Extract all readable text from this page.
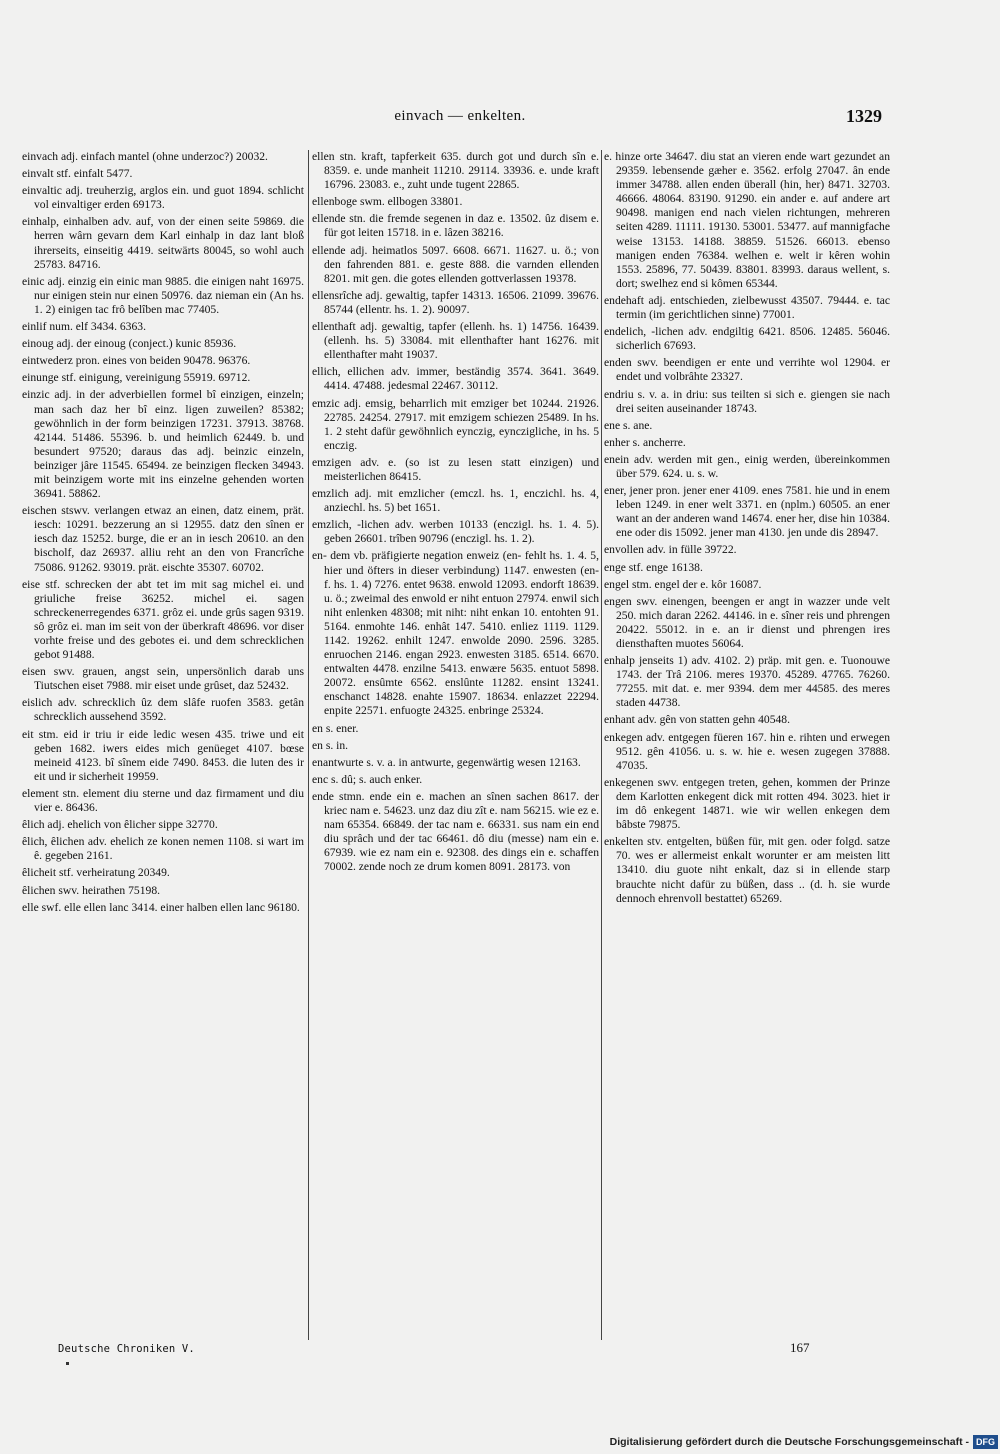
einvach — enkelten.	1329

einvach adj. einfach mantel (ohne underzoc?) 20032.

einvalt stf. einfalt 5477.

einvaltic adj. treuherzig, arglos ein. und guot 1894. schlicht vol einvaltiger erden 69173.

einhalp, einhalben adv. auf, von der einen seite 59869. die herren wârn gevarn dem Karl einhalp in daz lant bloß ihrerseits, einseitig 4419. seitwärts 80045, so wohl auch 25783. 84716.

einic adj. einzig ein einic man 9885. die einigen naht 16975. nur einigen stein nur einen 50976. daz nieman ein (An hs. 1. 2) einigen tac frô belîben mac 77405.

einlif num. elf 3434. 6363.

einoug adj. der einoug (conject.) kunic 85936.

eintwederz pron. eines von beiden 90478. 96376.

einunge stf. einigung, vereinigung 55919. 69712.

einzic adj. in der adverbiellen formel bî einzigen, einzeln; man sach daz her bî einz. ligen zuweilen? 85382; gewöhnlich in der form beinzigen 17231. 37913. 38768. 42144. 51486. 55396. b. und heimlich 62449. b. und besundert 97520; daraus das adj. beinzic einzeln, beinziger jâre 11545. 65494. ze beinzigen flecken 34943. mit beinzigem worte mit ins einzelne gehenden worten 36941. 58862.

eischen stswv. verlangen etwaz an einen, datz einem, prät. iesch: 10291. bezzerung an si 12955. datz den sînen er iesch daz 15252. burge, die er an in iesch 20610. an den bischolf, daz 26937. alliu reht an den von Francrîche 75086. 91262. 93019. prät. eischte 35307. 60702.

eise stf. schrecken der abt tet im mit sag michel ei. und griuliche freise 36252. michel ei. sagen schreckenerregendes 6371. grôz ei. unde grûs sagen 9319. sô grôz ei. man im seit von der überkraft 48696. vor diser vorhte freise und des gebotes ei. und dem schrecklichen gebot 91488.

eisen swv. grauen, angst sein, unpersönlich darab uns Tiutschen eiset 7988. mir eiset unde grûset, daz 52432.

eislich adv. schrecklich ûz dem slâfe ruofen 3583. getân schrecklich aussehend 3592.

eit stm. eid ir triu ir eide ledic wesen 435. triwe und eit geben 1682. iwers eides mich genüeget 4107. bœse meineid 4123. bî sînem eide 7490. 8453. die luten des ir eit und ir sicherheit 19959.

element stn. element diu sterne und daz firmament und diu vier e. 86436.

êlich adj. ehelich von êlicher sippe 32770.

êlich, êlichen adv. ehelich ze konen nemen 1108. si wart im ê. gegeben 2161.

êlicheit stf. verheiratung 20349.

êlichen swv. heirathen 75198.

elle swf. elle ellen lanc 3414. einer halben ellen lanc 96180.

ellen stn. kraft, tapferkeit 635. durch got und durch sîn e. 8359. e. unde manheit 11210. 29114. 33936. e. unde kraft 16796. 23083. e., zuht unde tugent 22865.

ellenboge swm. ellbogen 33801.

ellende stn. die fremde segenen in daz e. 13502. ûz disem e. für got leiten 15718. in e. lâzen 38216.

ellende adj. heimatlos 5097. 6608. 6671. 11627. u. ö.; von den fahrenden 881. e. geste 888. die varnden ellenden 8201. mit gen. die gotes ellenden gottverlassen 19378.

ellensrîche adj. gewaltig, tapfer 14313. 16506. 21099. 39676. 85744 (ellentr. hs. 1. 2). 90097.

ellenthaft adj. gewaltig, tapfer (ellenh. hs. 1) 14756. 16439. (ellenh. hs. 5) 33084. mit ellenthafter hant 16276. mit ellenthafter maht 19037.

ellich, ellichen adv. immer, beständig 3574. 3641. 3649. 4414. 47488. jedesmal 22467. 30112.

emzic adj. emsig, beharrlich mit emziger bet 10244. 21926. 22785. 24254. 27917. mit emzigem schiezen 25489. In hs. 1. 2 steht dafür gewöhnlich eynczig, eynczigliche, in hs. 5 enczig.

emzigen adv. e. (so ist zu lesen statt einzigen) und meisterlichen 86415.

emzlich adj. mit emzlicher (emczl. hs. 1, enczichl. hs. 4, anziechl. hs. 5) bet 1651.

emzlich, -lichen adv. werben 10133 (enczigl. hs. 1. 4. 5). geben 26601. trîben 90796 (enczigl. hs. 1. 2).

en- dem vb. präfigierte negation enweiz (en- fehlt hs. 1. 4. 5, hier und öfters in dieser verbindung) 1147. enwesten (en- f. hs. 1. 4) 7276. entet 9638. enwold 12093. endorft 18639. u. ö.; zweimal des enwold er niht entuon 27974. enwil sich niht enlenken 48308; mit niht: niht enkan 10. entohten 91. 5164. enmohte 146. enhât 147. 5410. enliez 1119. 1129. 1142. 19262. enhilt 1247. enwolde 2090. 2596. 3285. enruochen 2146. engan 2923. enwesten 3185. 6514. 6670. entwalten 4478. enzilne 5413. enwære 5635. entuot 5898. 20072. ensûmte 6562. enslûnte 11282. ensint 13241. enschanct 14828. enahte 15907. 18634. enlazzet 22294. enpite 22571. enfuogte 24325. enbringe 25324.

en s. ener.

en s. in.

enantwurte s. v. a. in antwurte, gegenwärtig wesen 12163.

enc s. dû; s. auch enker.

ende stmn. ende ein e. machen an sînen sachen 8617. der kriec nam e. 54623. unz daz diu zît e. nam 56215. wie ez e. nam 65354. 66849. der tac nam e. 66331. sus nam ein end diu sprâch und der tac 66461. dô diu (messe) nam ein e. 67939. wie ez nam ein e. 92308. des dings ein e. schaffen 70002. zende noch ze drum komen 8091. 28173. von

e. hinze orte 34647. diu stat an vieren ende wart gezundet an 29359. lebensende gæher e. 3562. erfolg 27047. ân ende immer 34788. allen enden überall (hin, her) 8471. 32703. 46666. 48064. 83190. 91290. ein ander e. auf andere art 90498. manigen end nach vielen richtungen, mehreren seiten 4289. 11111. 19130. 53001. 53477. auf mannigfache weise 13153. 14188. 38859. 51526. 66013. ebenso manigen enden 76384. welhen e. welt ir kêren wohin 1553. 25896, 77. 50439. 83801. 83993. daraus wellent, s. dort; swelhez end si kômen 65344.

endehaft adj. entschieden, zielbewusst 43507. 79444. e. tac termin (im gerichtlichen sinne) 77001.

endelich, -lichen adv. endgiltig 6421. 8506. 12485. 56046. sicherlich 67693.

enden swv. beendigen er ente und verrihte wol 12904. er endet und volbrâhte 23327.

endriu s. v. a. in driu: sus teilten si sich e. giengen sie nach drei seiten auseinander 18743.

ene s. ane.

enher s. ancherre.

enein adv. werden mit gen., einig werden, übereinkommen über 579. 624. u. s. w.

ener, jener pron. jener ener 4109. enes 7581. hie und in enem leben 1249. in ener welt 3371. en (nplm.) 60505. an ener want an der anderen wand 14674. ener her, dise hin 10384. ene oder dis 15092. jener man 4130. jen unde dis 28947.

envollen adv. in fülle 39722.

enge stf. enge 16138.

engel stm. engel der e. kôr 16087.

engen swv. einengen, beengen er angt in wazzer unde velt 250. mich daran 2262. 44146. in e. sîner reis und phrengen 20422. 55012. in e. an ir dienst und phrengen ires diensthaften muotes 56064.

enhalp jenseits 1) adv. 4102. 2) präp. mit gen. e. Tuonouwe 1743. der Trâ 2106. meres 19370. 45289. 47765. 76260. 77255. mit dat. e. mer 9394. dem mer 44585. des meres staden 44738.

enhant adv. gên von statten gehn 40548.

enkegen adv. entgegen füeren 167. hin e. rihten und erwegen 9512. gên 41056. u. s. w. hie e. wesen zugegen 37888. 47035.

enkegenen swv. entgegen treten, gehen, kommen der Prinze dem Karlotten enkegent dick mit rotten 494. 3023. hiet ir im dô enkegent 14871. wie wir wellen enkegen dem bâbste 79875.

enkelten stv. entgelten, büßen für, mit gen. oder folgd. satze 70. wes er allermeist enkalt worunter er am meisten litt 13410. diu guote niht enkalt, daz si in ellende starp brauchte nicht dafür zu büßen, dass .. (d. h. sie wurde dennoch ehrenvoll bestattet) 65269.

Deutsche Chroniken V.	167
Digitalisierung gefördert durch die Deutsche Forschungsgemeinschaft - DFG
